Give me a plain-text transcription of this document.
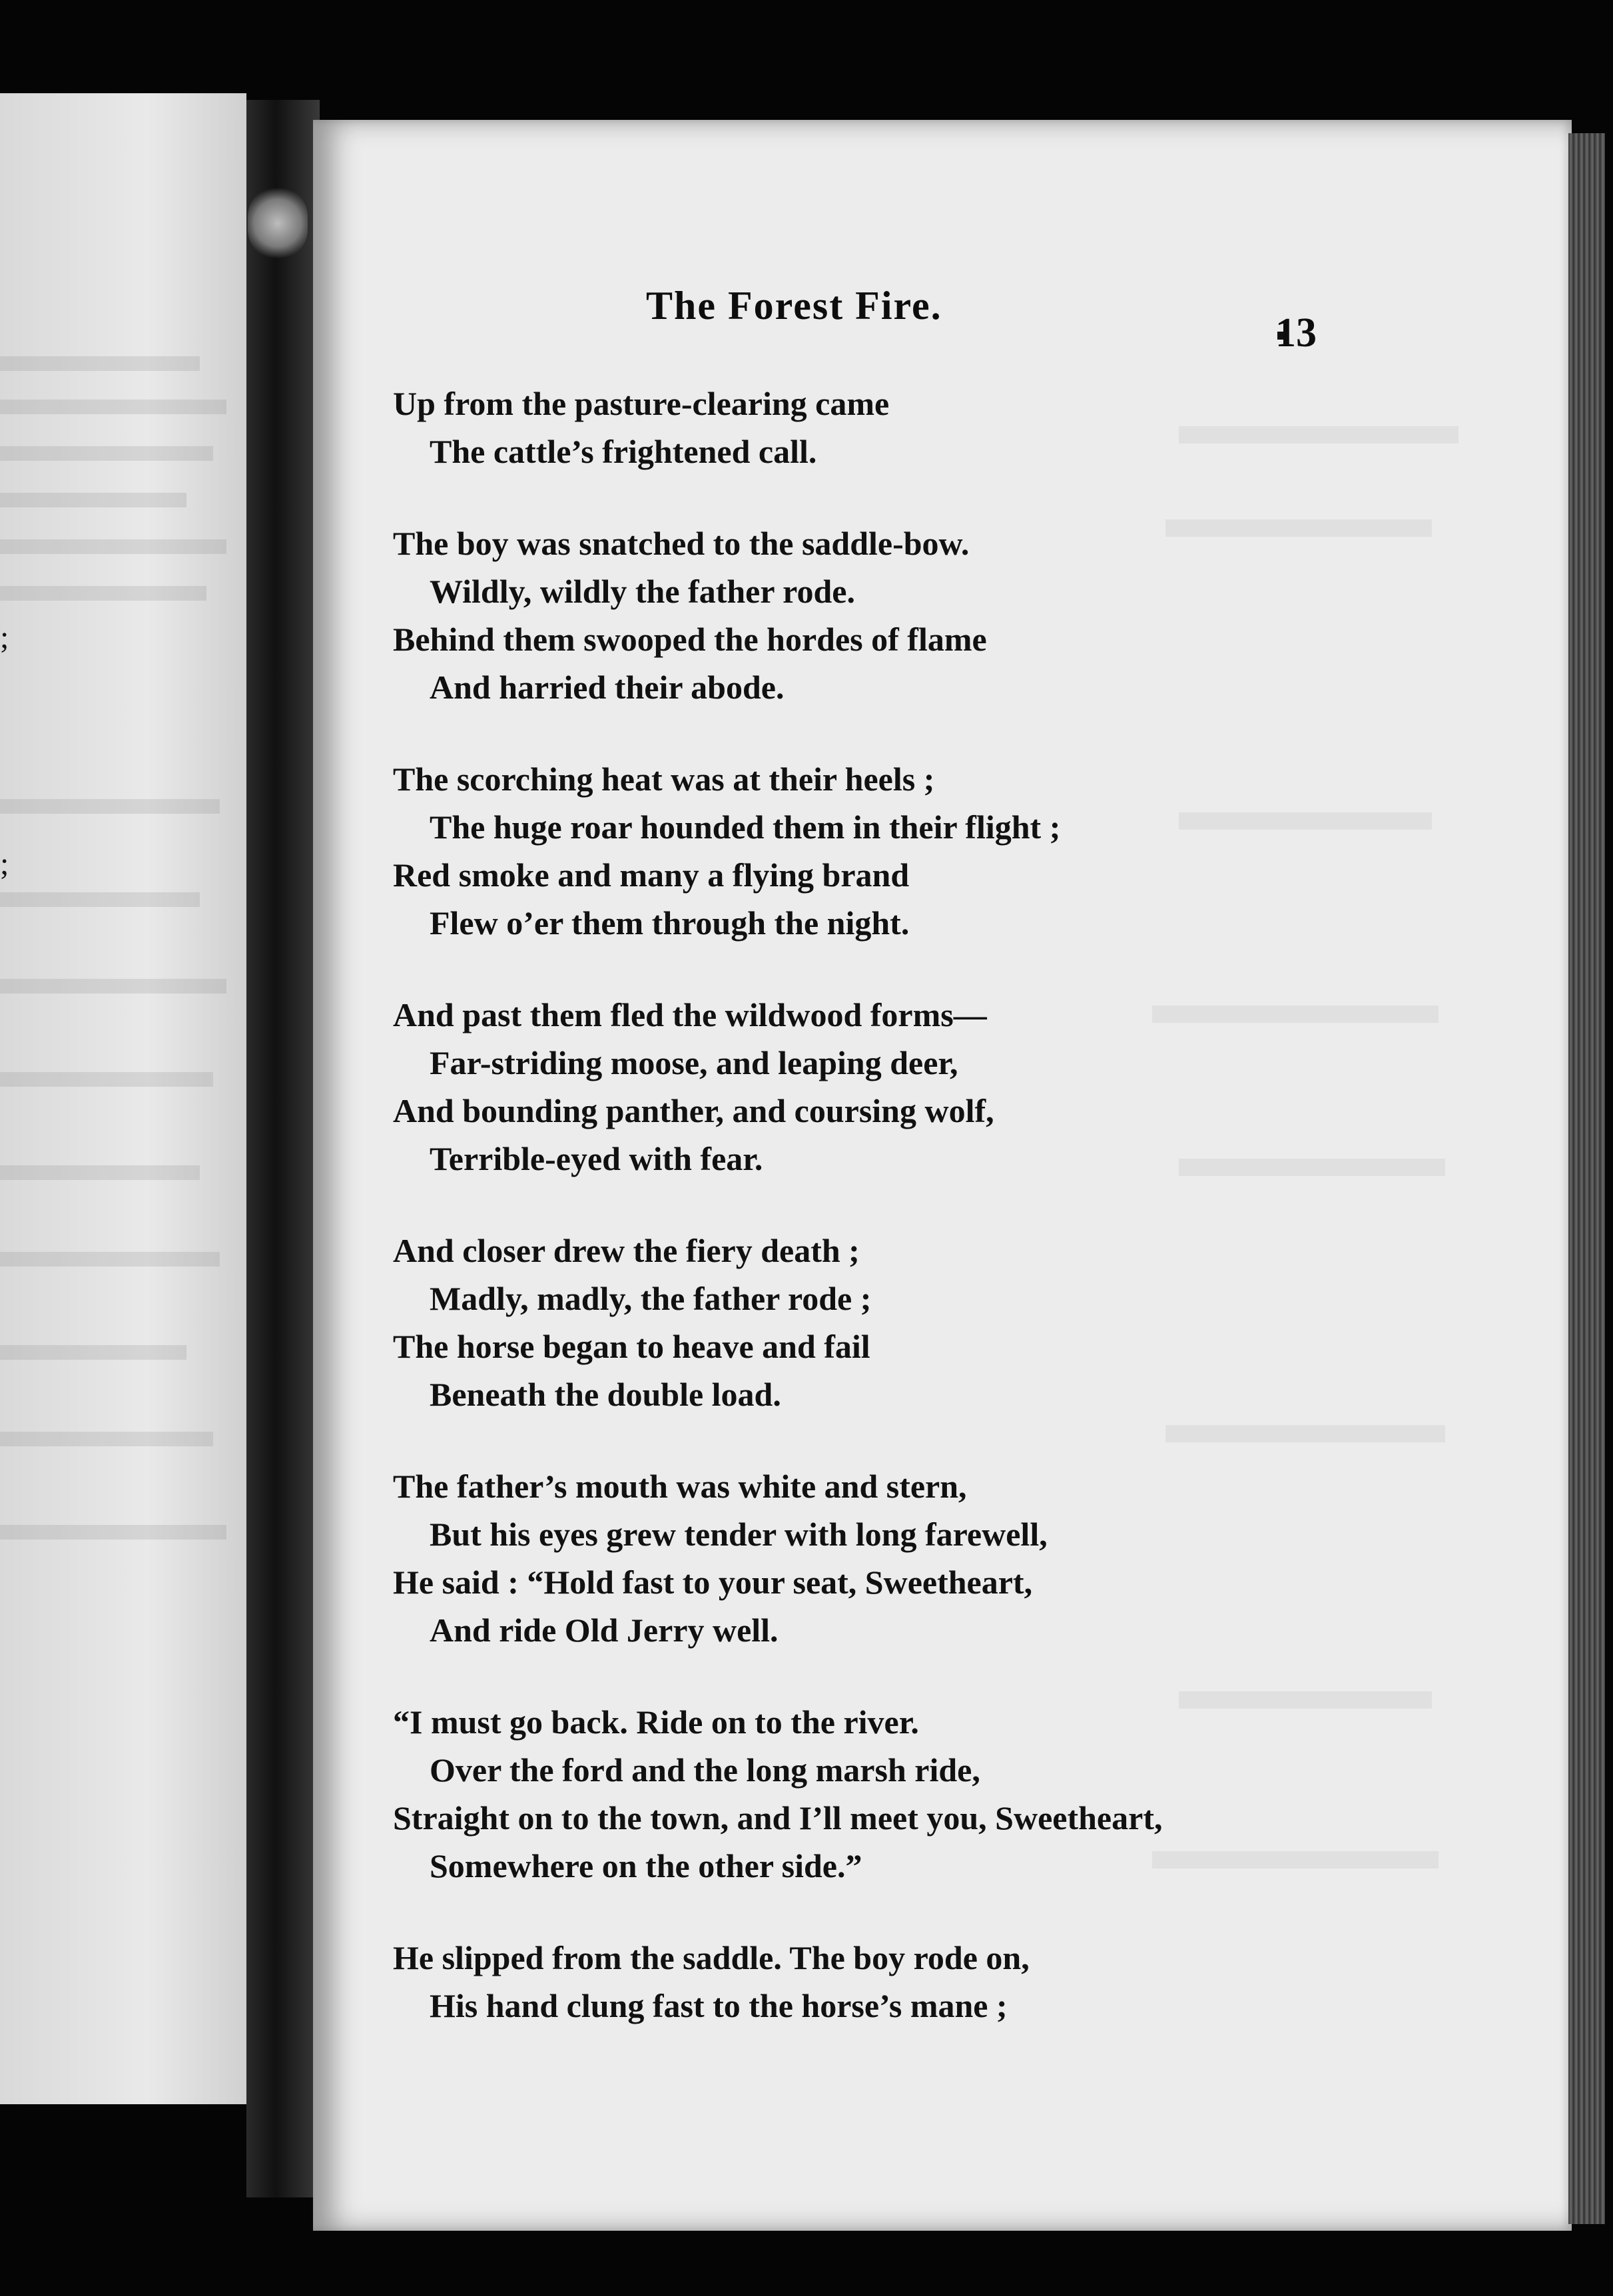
;
;
The Forest Fire.
13
Up from the pasture-clearing came
The cattle’s frightened call.
The boy was snatched to the saddle-bow.
Wildly, wildly the father rode.
Behind them swooped the hordes of flame
And harried their abode.
The scorching heat was at their heels ;
The huge roar hounded them in their flight ;
Red smoke and many a flying brand
Flew o’er them through the night.
And past them fled the wildwood forms—
Far-striding moose, and leaping deer,
And bounding panther, and coursing wolf,
Terrible-eyed with fear.
And closer drew the fiery death ;
Madly, madly, the father rode ;
The horse began to heave and fail
Beneath the double load.
The father’s mouth was white and stern,
But his eyes grew tender with long farewell,
He said : “Hold fast to your seat, Sweetheart,
And ride Old Jerry well.
“I must go back. Ride on to the river.
Over the ford and the long marsh ride,
Straight on to the town, and I’ll meet you, Sweetheart,
Somewhere on the other side.”
He slipped from the saddle. The boy rode on,
His hand clung fast to the horse’s mane ;
